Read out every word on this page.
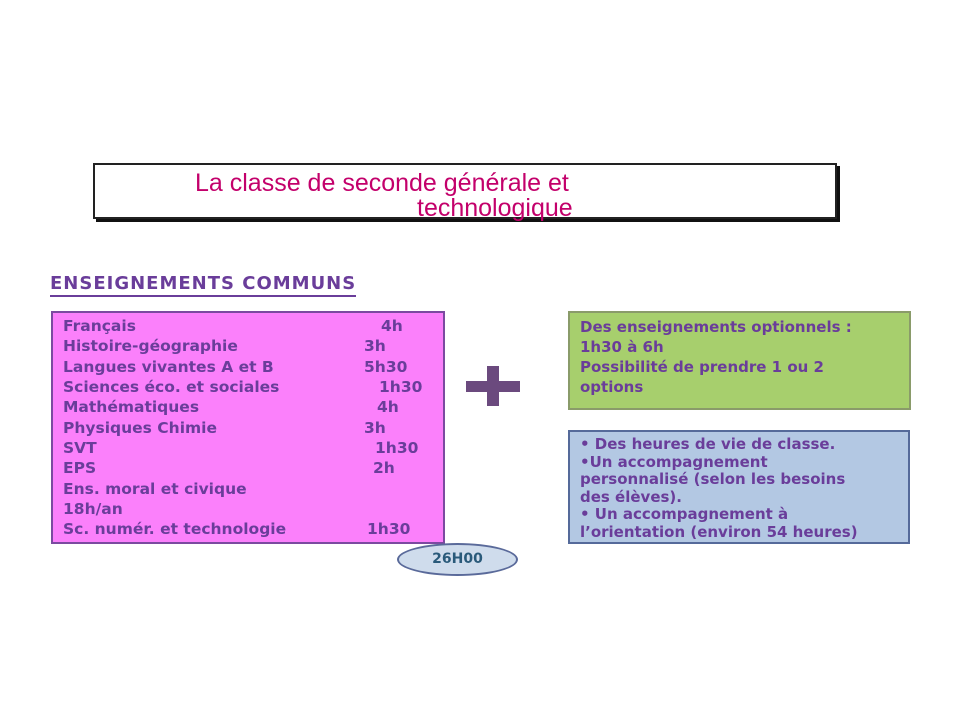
La classe de seconde générale et
technologique
ENSEIGNEMENTS COMMUNS
Français	4h
Histoire-géographie	3h
Langues vivantes A et B	5h30
Sciences éco. et sociales	1h30
Mathématiques	4h
Physiques Chimie	3h
SVT	1h30
EPS	2h
Ens. moral et civique
18h/an
Sc. numér. et technologie	1h30
26H00
Des enseignements optionnels :
1h30 à 6h
Possibilité de prendre 1 ou 2
options
• Des heures de vie de classe.
•Un accompagnement
personnalisé (selon les besoins
des élèves).
• Un accompagnement à
l’orientation (environ 54 heures)
